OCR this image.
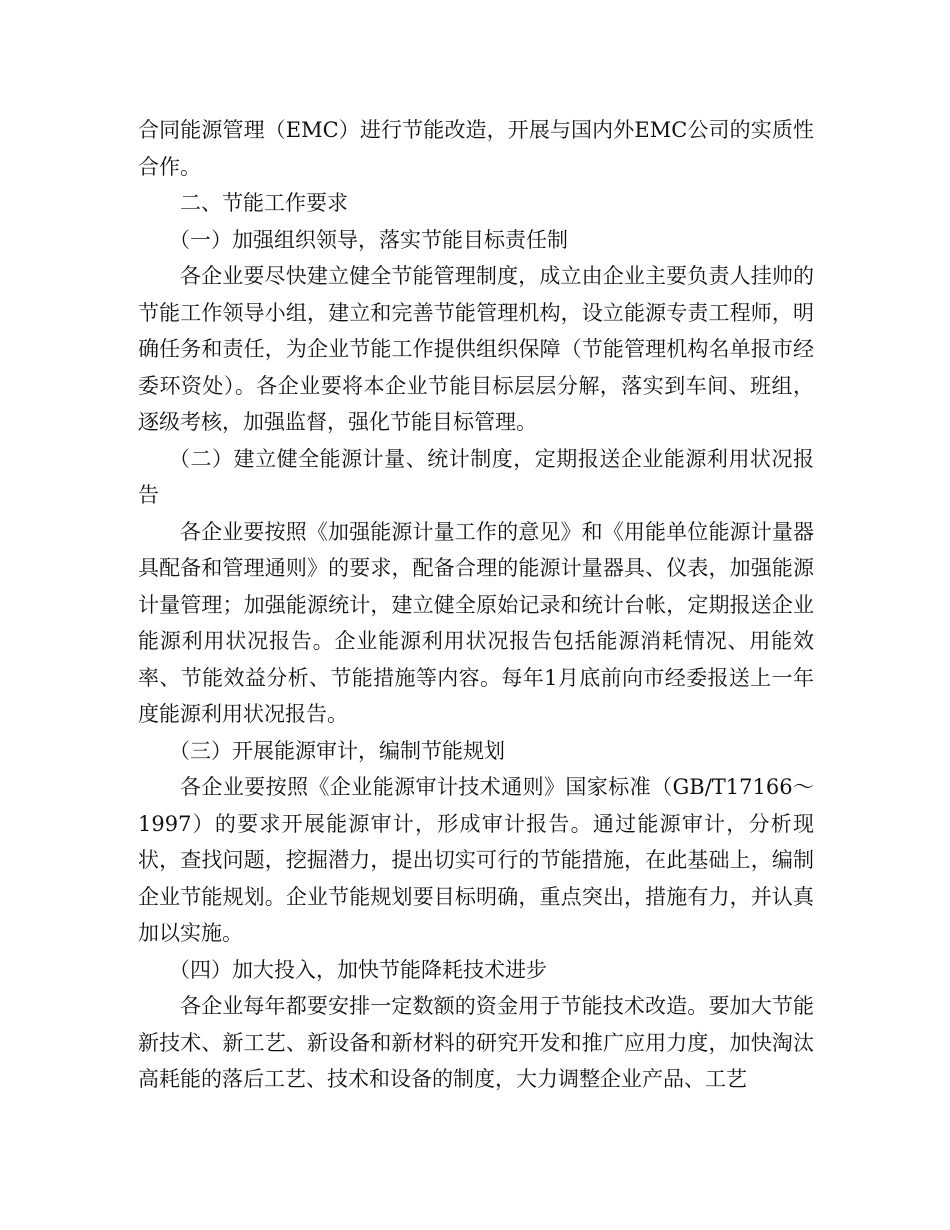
合同能源管理（EMC）进行节能改造，开展与国内外EMC公司的实质性合作。

二、节能工作要求

（一）加强组织领导，落实节能目标责任制

各企业要尽快建立健全节能管理制度，成立由企业主要负责人挂帅的节能工作领导小组，建立和完善节能管理机构，设立能源专责工程师，明确任务和责任，为企业节能工作提供组织保障（节能管理机构名单报市经委环资处）。各企业要将本企业节能目标层层分解，落实到车间、班组，逐级考核，加强监督，强化节能目标管理。

（二）建立健全能源计量、统计制度，定期报送企业能源利用状况报告

各企业要按照《加强能源计量工作的意见》和《用能单位能源计量器具配备和管理通则》的要求，配备合理的能源计量器具、仪表，加强能源计量管理；加强能源统计，建立健全原始记录和统计台帐，定期报送企业能源利用状况报告。企业能源利用状况报告包括能源消耗情况、用能效率、节能效益分析、节能措施等内容。每年1月底前向市经委报送上一年度能源利用状况报告。

（三）开展能源审计，编制节能规划

各企业要按照《企业能源审计技术通则》国家标准（GB/T17166～1997）的要求开展能源审计，形成审计报告。通过能源审计，分析现状，查找问题，挖掘潜力，提出切实可行的节能措施，在此基础上，编制企业节能规划。企业节能规划要目标明确，重点突出，措施有力，并认真加以实施。

（四）加大投入，加快节能降耗技术进步

各企业每年都要安排一定数额的资金用于节能技术改造。要加大节能新技术、新工艺、新设备和新材料的研究开发和推广应用力度，加快淘汰高耗能的落后工艺、技术和设备的制度，大力调整企业产品、工艺
